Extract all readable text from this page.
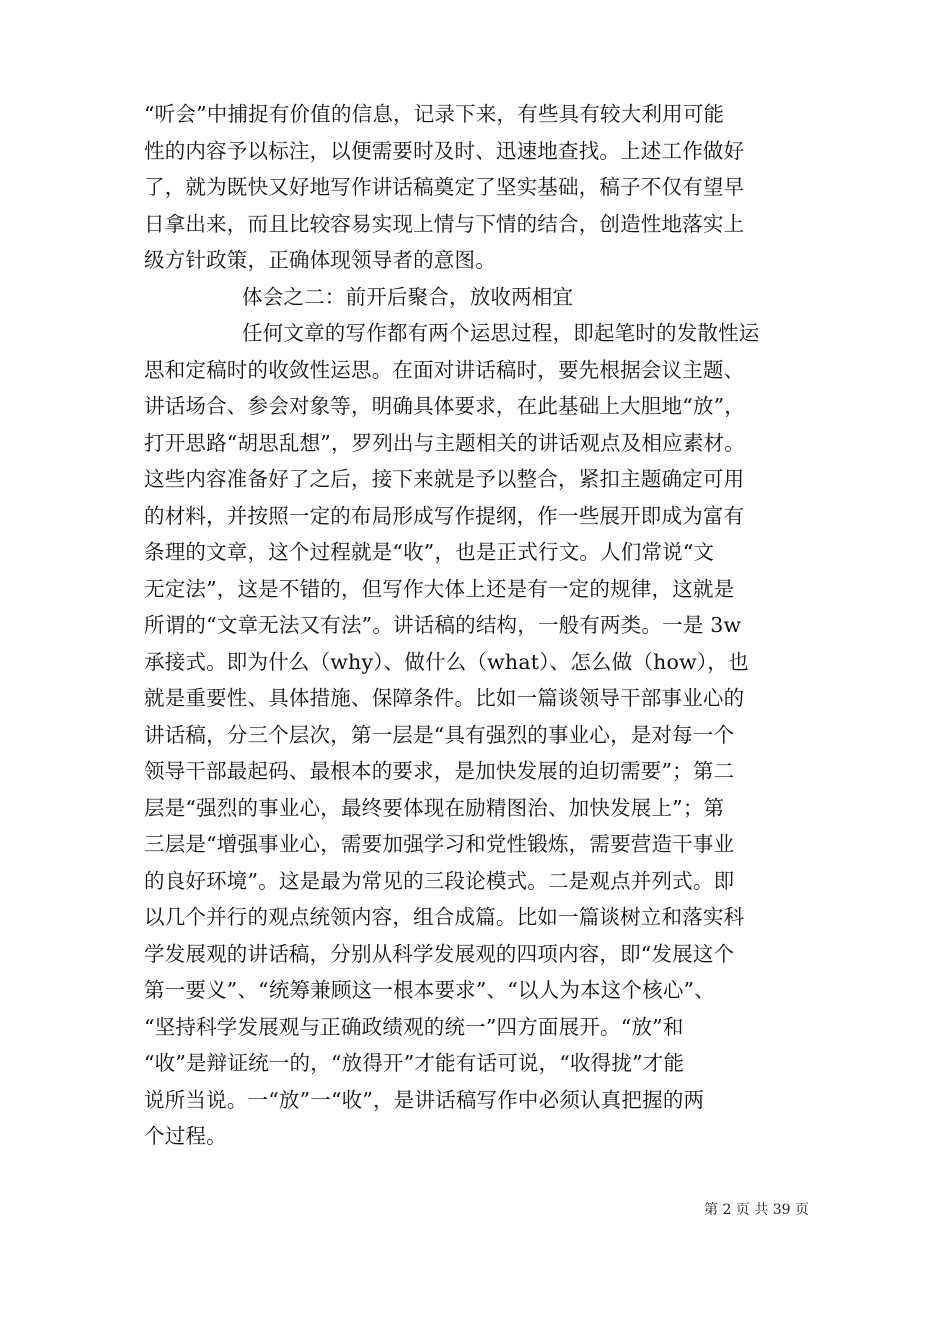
“听会”中捕捉有价值的信息，记录下来，有些具有较大利用可能
性的内容予以标注，以便需要时及时、迅速地查找。上述工作做好
了，就为既快又好地写作讲话稿奠定了坚实基础，稿子不仅有望早
日拿出来，而且比较容易实现上情与下情的结合，创造性地落实上
级方针政策，正确体现领导者的意图。
体会之二：前开后聚合，放收两相宜
任何文章的写作都有两个运思过程，即起笔时的发散性运
思和定稿时的收敛性运思。在面对讲话稿时，要先根据会议主题、
讲话场合、参会对象等，明确具体要求，在此基础上大胆地“放”，
打开思路“胡思乱想”，罗列出与主题相关的讲话观点及相应素材。
这些内容准备好了之后，接下来就是予以整合，紧扣主题确定可用
的材料，并按照一定的布局形成写作提纲，作一些展开即成为富有
条理的文章，这个过程就是“收”，也是正式行文。人们常说“文
无定法”，这是不错的，但写作大体上还是有一定的规律，这就是
所谓的“文章无法又有法”。讲话稿的结构，一般有两类。一是 3w
承接式。即为什么（why）、做什么（what）、怎么做（how），也
就是重要性、具体措施、保障条件。比如一篇谈领导干部事业心的
讲话稿，分三个层次，第一层是“具有强烈的事业心，是对每一个
领导干部最起码、最根本的要求，是加快发展的迫切需要”；第二
层是“强烈的事业心，最终要体现在励精图治、加快发展上”；第
三层是“增强事业心，需要加强学习和党性锻炼，需要营造干事业
的良好环境”。这是最为常见的三段论模式。二是观点并列式。即
以几个并行的观点统领内容，组合成篇。比如一篇谈树立和落实科
学发展观的讲话稿，分别从科学发展观的四项内容，即“发展这个
第一要义”、“统筹兼顾这一根本要求”、“以人为本这个核心”、
“坚持科学发展观与正确政绩观的统一”四方面展开。“放”和
“收”是辩证统一的，“放得开”才能有话可说，“收得拢”才能
说所当说。一“放”一“收”，是讲话稿写作中必须认真把握的两
个过程。
第 2 页 共 39 页
